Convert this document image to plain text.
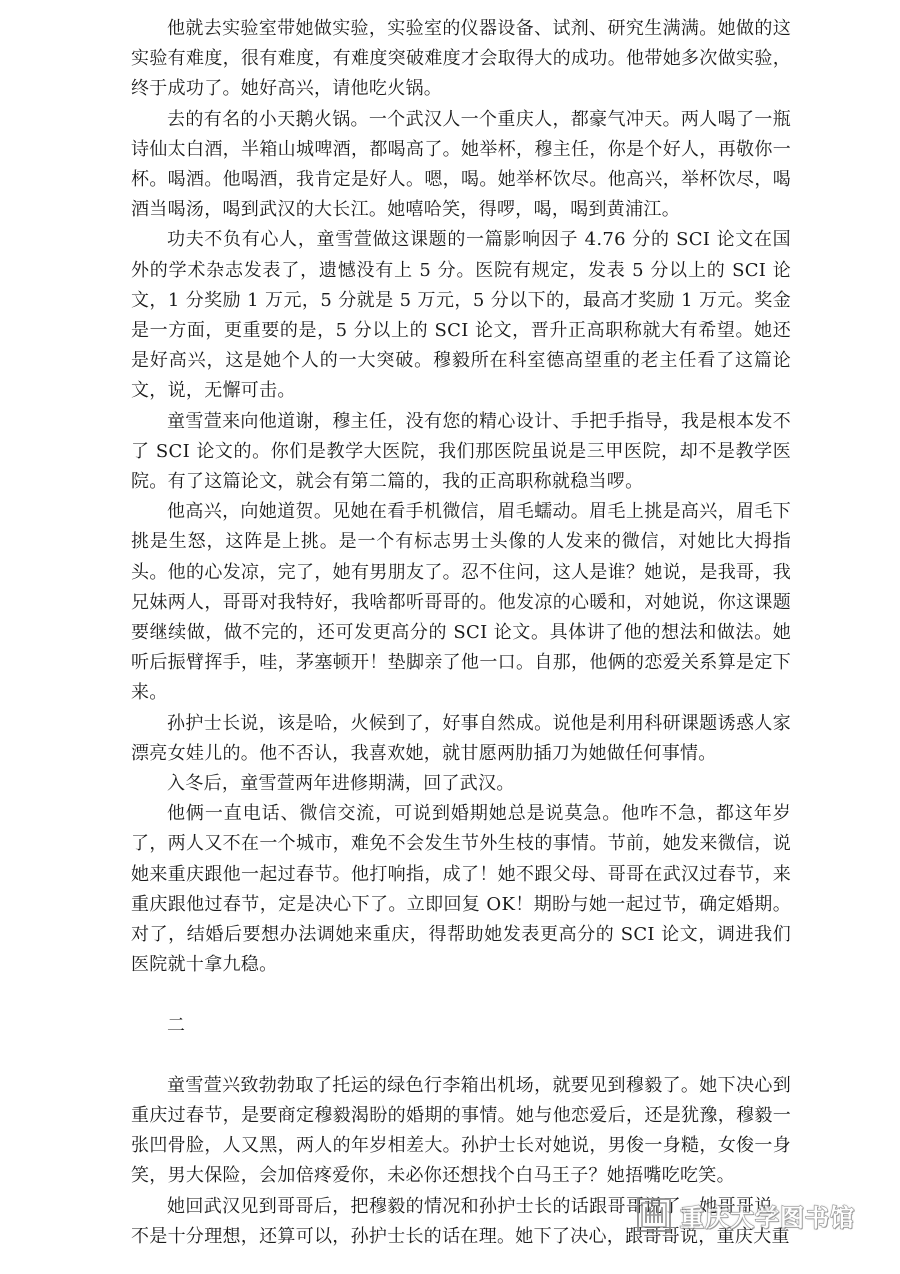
他就去实验室带她做实验，实验室的仪器设备、试剂、研究生满满。她做的这实验有难度，很有难度，有难度突破难度才会取得大的成功。他带她多次做实验，终于成功了。她好高兴，请他吃火锅。

去的有名的小天鹅火锅。一个武汉人一个重庆人，都豪气冲天。两人喝了一瓶诗仙太白酒，半箱山城啤酒，都喝高了。她举杯，穆主任，你是个好人，再敬你一杯。喝酒。他喝酒，我肯定是好人。嗯，喝。她举杯饮尽。他高兴，举杯饮尽，喝酒当喝汤，喝到武汉的大长江。她嘻哈笑，得啰，喝，喝到黄浦江。

功夫不负有心人，童雪萱做这课题的一篇影响因子 4.76 分的 SCI 论文在国外的学术杂志发表了，遗憾没有上 5 分。医院有规定，发表 5 分以上的 SCI 论文，1 分奖励 1 万元，5 分就是 5 万元，5 分以下的，最高才奖励 1 万元。奖金是一方面，更重要的是，5 分以上的 SCI 论文，晋升正高职称就大有希望。她还是好高兴，这是她个人的一大突破。穆毅所在科室德高望重的老主任看了这篇论文，说，无懈可击。

童雪萱来向他道谢，穆主任，没有您的精心设计、手把手指导，我是根本发不了 SCI 论文的。你们是教学大医院，我们那医院虽说是三甲医院，却不是教学医院。有了这篇论文，就会有第二篇的，我的正高职称就稳当啰。

他高兴，向她道贺。见她在看手机微信，眉毛蠕动。眉毛上挑是高兴，眉毛下挑是生怒，这阵是上挑。是一个有标志男士头像的人发来的微信，对她比大拇指头。他的心发凉，完了，她有男朋友了。忍不住问，这人是谁？她说，是我哥，我兄妹两人，哥哥对我特好，我啥都听哥哥的。他发凉的心暖和，对她说，你这课题要继续做，做不完的，还可发更高分的 SCI 论文。具体讲了他的想法和做法。她听后振臂挥手，哇，茅塞顿开！垫脚亲了他一口。自那，他俩的恋爱关系算是定下来。

孙护士长说，该是哈，火候到了，好事自然成。说他是利用科研课题诱惑人家漂亮女娃儿的。他不否认，我喜欢她，就甘愿两肋插刀为她做任何事情。

入冬后，童雪萱两年进修期满，回了武汉。

他俩一直电话、微信交流，可说到婚期她总是说莫急。他咋不急，都这年岁了，两人又不在一个城市，难免不会发生节外生枝的事情。节前，她发来微信，说她来重庆跟他一起过春节。他打响指，成了！她不跟父母、哥哥在武汉过春节，来重庆跟他过春节，定是决心下了。立即回复 OK！期盼与她一起过节，确定婚期。对了，结婚后要想办法调她来重庆，得帮助她发表更高分的 SCI 论文，调进我们医院就十拿九稳。

二

童雪萱兴致勃勃取了托运的绿色行李箱出机场，就要见到穆毅了。她下决心到重庆过春节，是要商定穆毅渴盼的婚期的事情。她与他恋爱后，还是犹豫，穆毅一张凹骨脸，人又黑，两人的年岁相差大。孙护士长对她说，男俊一身糙，女俊一身笑，男大保险，会加倍疼爱你，未必你还想找个白马王子？她捂嘴吃吃笑。

她回武汉见到哥哥后，把穆毅的情况和孙护士长的话跟哥哥说了。她哥哥说，不是十分理想，还算可以，孙护士长的话在理。她下了决心，跟哥哥说，重庆大重

重庆大学图书馆
